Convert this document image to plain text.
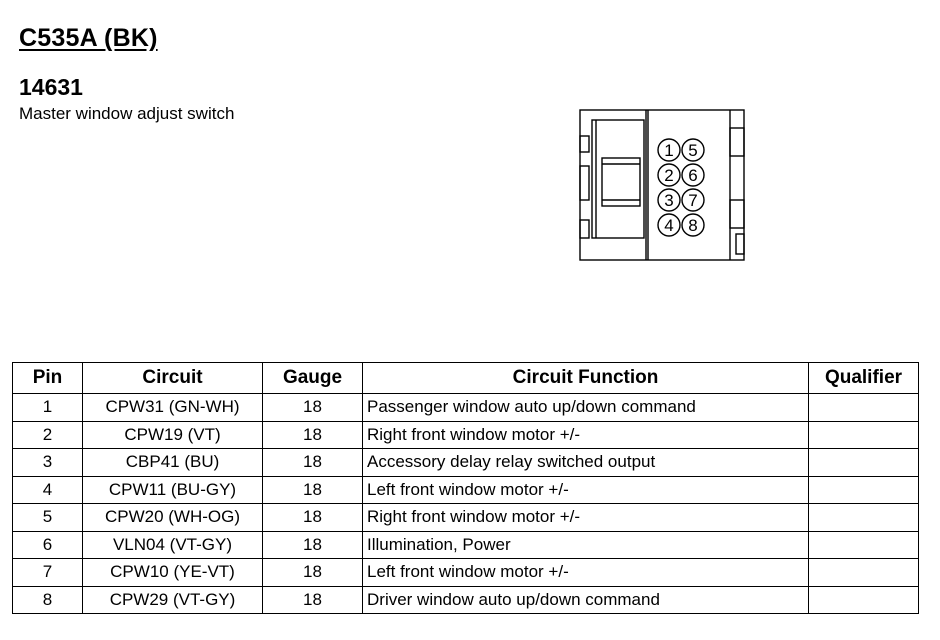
C535A (BK)
14631
Master window adjust switch
1
2
3
4
5
6
7
8
Pin	Circuit	Gauge	Circuit Function	Qualifier
1	CPW31 (GN-WH)	18	Passenger window auto up/down command	
2	CPW19 (VT)	18	Right front window motor +/-	
3	CBP41 (BU)	18	Accessory delay relay switched output	
4	CPW11 (BU-GY)	18	Left front window motor +/-	
5	CPW20 (WH-OG)	18	Right front window motor +/-	
6	VLN04 (VT-GY)	18	Illumination, Power	
7	CPW10 (YE-VT)	18	Left front window motor +/-	
8	CPW29 (VT-GY)	18	Driver window auto up/down command	
